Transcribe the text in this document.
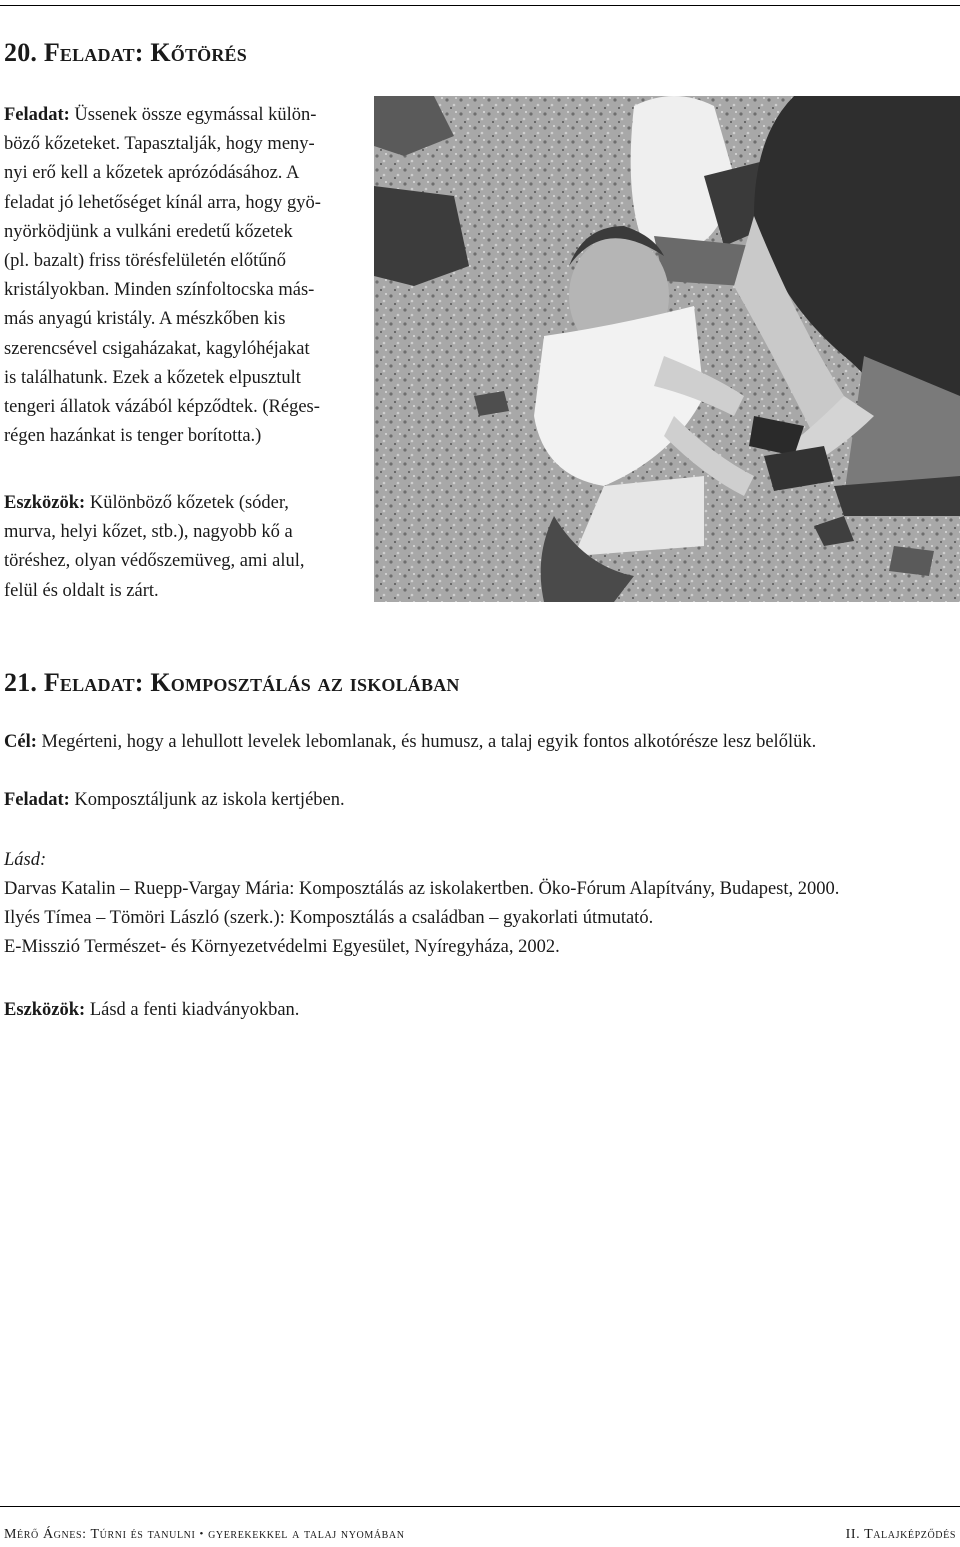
20. Feladat: Kőtörés

Feladat: Üssenek össze egymással külön-
böző kőzeteket. Tapasztalják, hogy meny-
nyi erő kell a kőzetek aprózódásához. A
feladat jó lehetőséget kínál arra, hogy gyö-
nyörködjünk a vulkáni eredetű kőzetek
(pl. bazalt) friss törésfelületén előtűnő
kristályokban. Minden színfoltocska más-
más anyagú kristály. A mészkőben kis
szerencsével csigaházakat, kagylóhéjakat
is találhatunk. Ezek a kőzetek elpusztult
tengeri állatok vázából képződtek. (Réges-
régen hazánkat is tenger borította.)

Eszközök: Különböző kőzetek (sóder,
murva, helyi kőzet, stb.), nagyobb kő a
töréshez, olyan védőszemüveg, ami alul,
felül és oldalt is zárt.

21. Feladat: Komposztálás az iskolában

Cél: Megérteni, hogy a lehullott levelek lebomlanak, és humusz, a talaj egyik fontos alkotórésze lesz belőlük.

Feladat: Komposztáljunk az iskola kertjében.

Lásd:

Darvas Katalin – Ruepp-Vargay Mária: Komposztálás az iskolakertben. Öko-Fórum Alapítvány, Budapest, 2000.

Ilyés Tímea – Tömöri László (szerk.): Komposztálás a családban – gyakorlati útmutató.

E-Misszió Természet- és Környezetvédelmi Egyesület, Nyíregyháza, 2002.

Eszközök: Lásd a fenti kiadványokban.

Mérő Ágnes: Túrni és tanulni • gyerekekkel a talaj nyomában	II. Talajképződés
